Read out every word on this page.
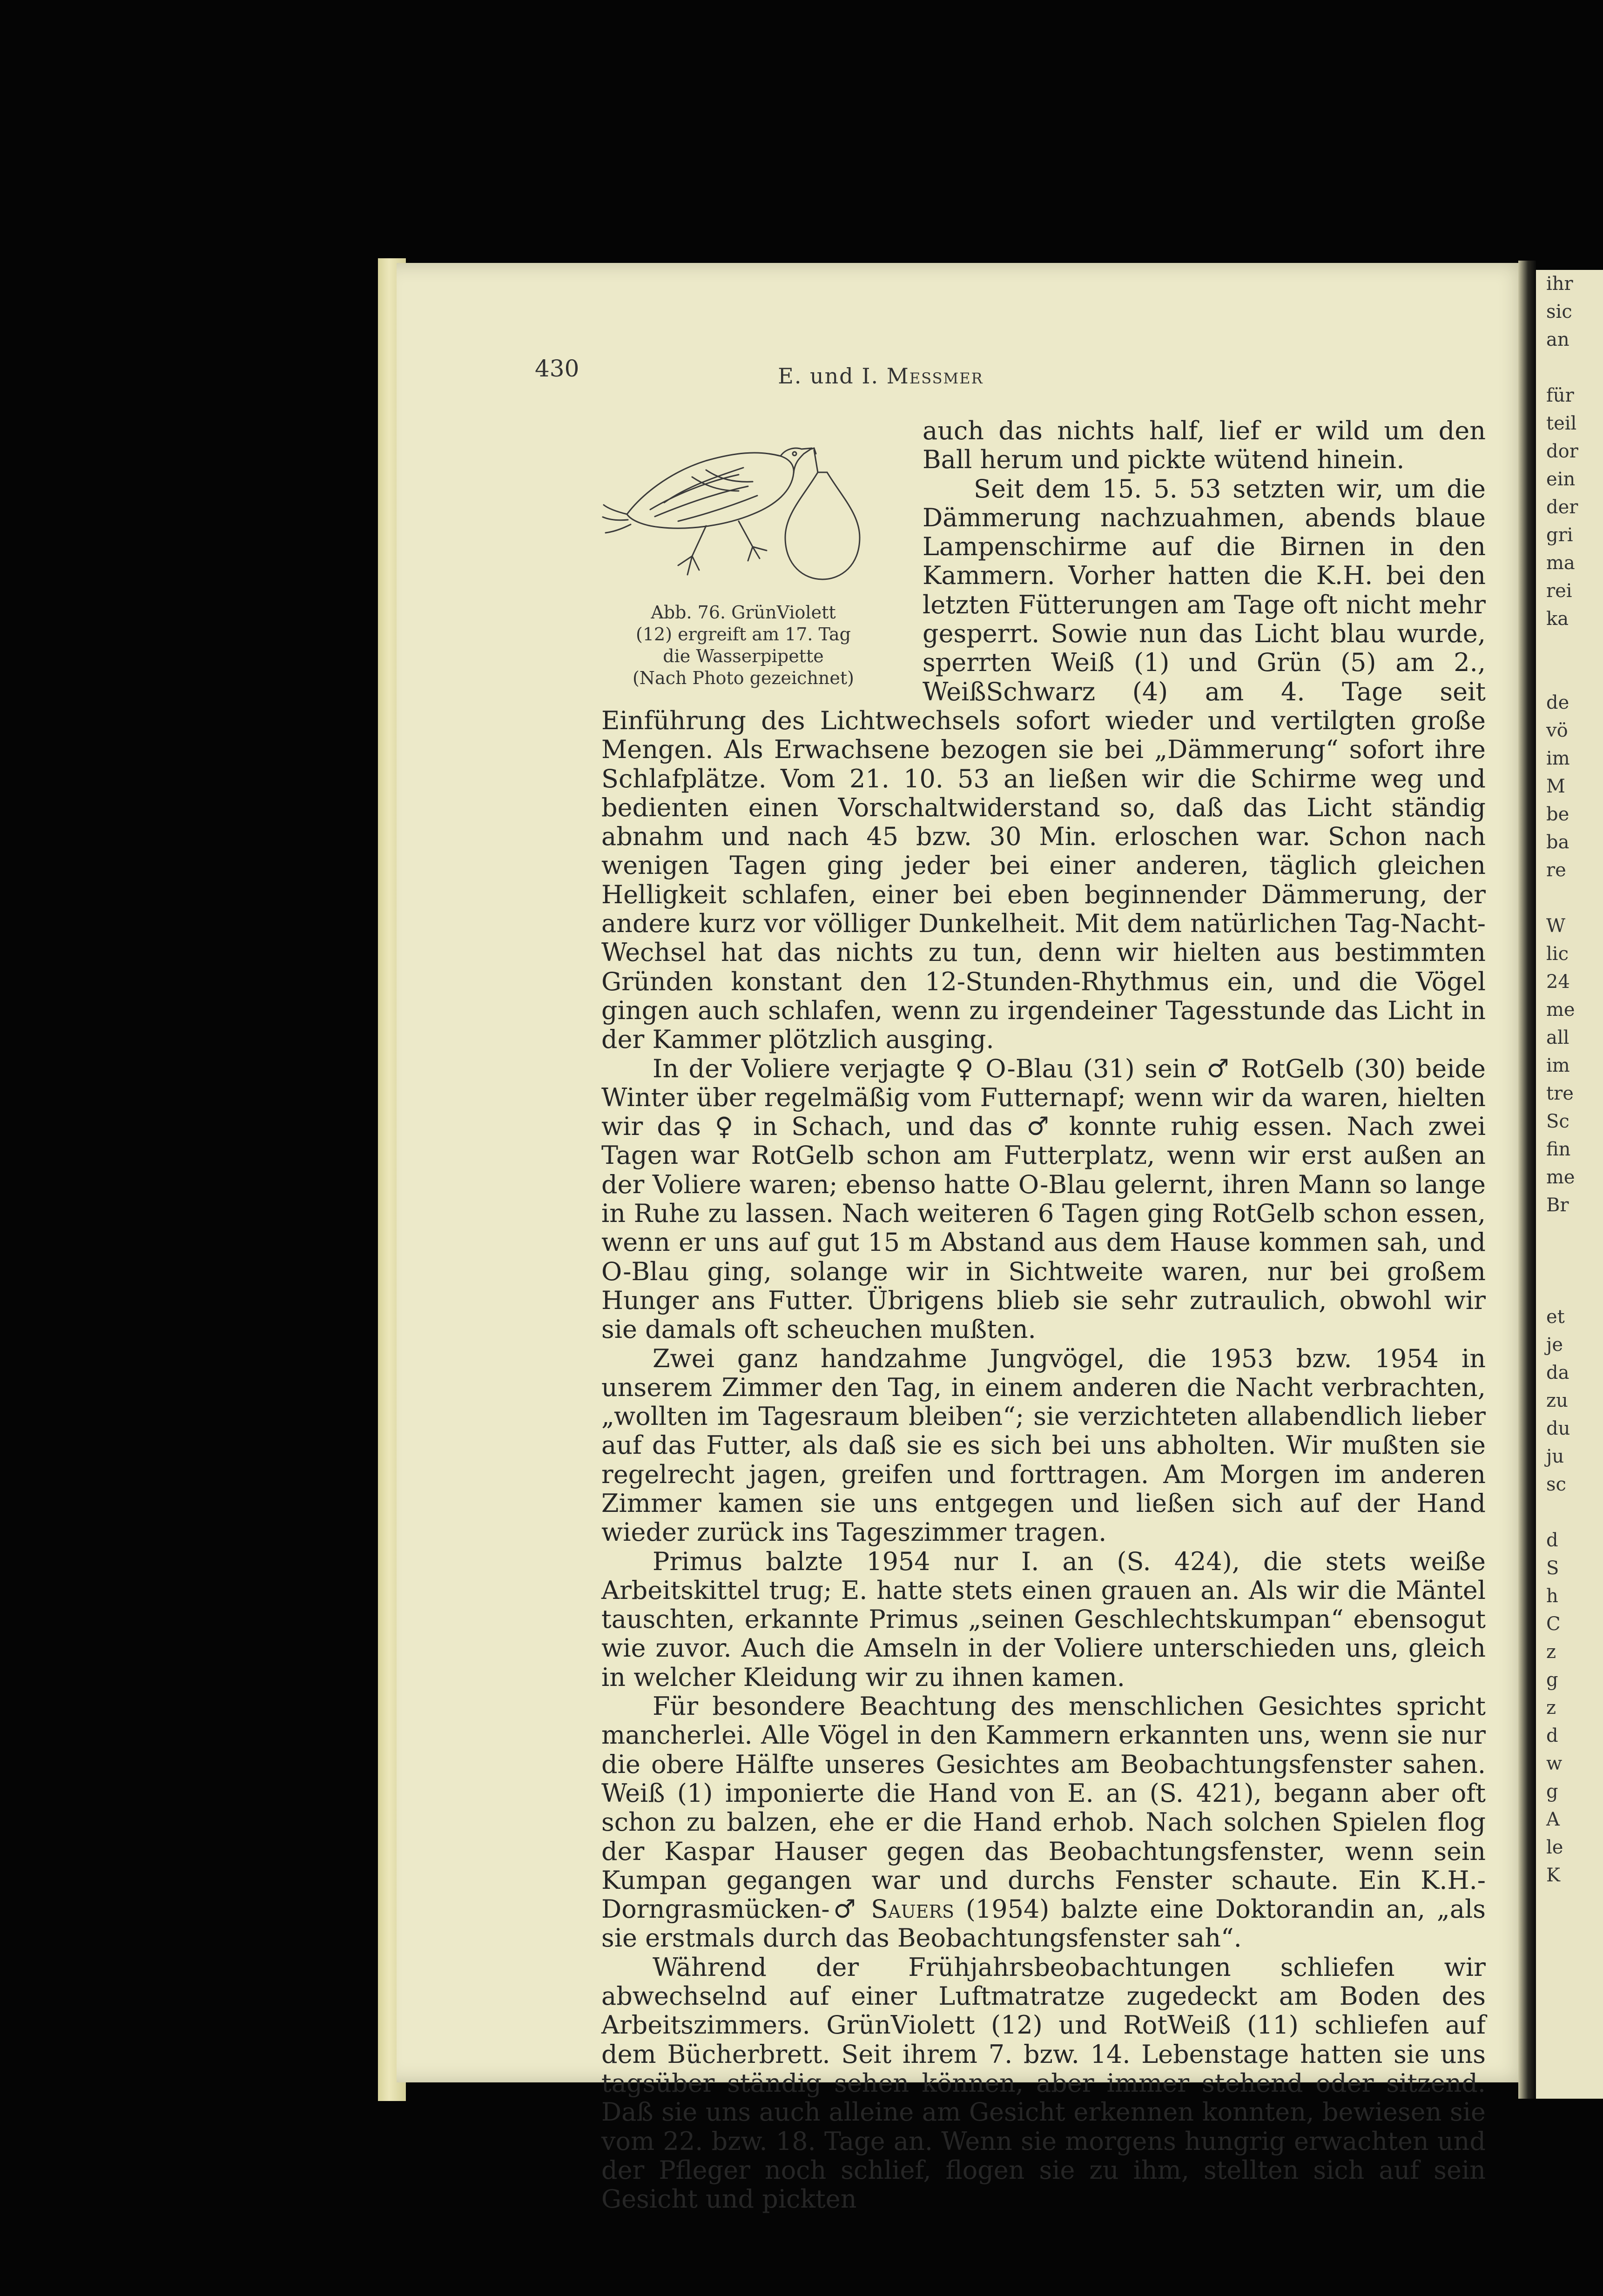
430	E. und I. Messmer
Abb. 76. GrünViolett
(12) ergreift am 17. Tag
die Wasserpipette
(Nach Photo gezeichnet)

auch das nichts half, lief er wild um den Ball herum und pickte wütend hinein.

Seit dem 15. 5. 53 setzten wir, um die Dämmerung nachzuahmen, abends blaue Lampenschirme auf die Birnen in den Kammern. Vorher hatten die K.H. bei den letzten Fütterungen am Tage oft nicht mehr gesperrt. Sowie nun das Licht blau wurde, sperrten Weiß (1) und Grün (5) am 2., WeißSchwarz (4) am 4. Tage seit Einführung des Lichtwechsels sofort wieder und vertilgten große Mengen. Als Erwachsene bezogen sie bei „Dämmerung“ sofort ihre Schlafplätze. Vom 21. 10. 53 an ließen wir die Schirme weg und bedienten einen Vorschaltwiderstand so, daß das Licht ständig abnahm und nach 45 bzw. 30 Min. erloschen war. Schon nach wenigen Tagen ging jeder bei einer anderen, täglich gleichen Helligkeit schlafen, einer bei eben beginnender Dämmerung, der andere kurz vor völliger Dunkelheit. Mit dem natürlichen Tag-Nacht-Wechsel hat das nichts zu tun, denn wir hielten aus bestimmten Gründen konstant den 12-Stunden-Rhythmus ein, und die Vögel gingen auch schlafen, wenn zu irgendeiner Tagesstunde das Licht in der Kammer plötzlich ausging.

In der Voliere verjagte ♀ O-Blau (31) sein ♂ RotGelb (30) beide Winter über regelmäßig vom Futternapf; wenn wir da waren, hielten wir das ♀ in Schach, und das ♂ konnte ruhig essen. Nach zwei Tagen war RotGelb schon am Futterplatz, wenn wir erst außen an der Voliere waren; ebenso hatte O-Blau gelernt, ihren Mann so lange in Ruhe zu lassen. Nach weiteren 6 Tagen ging RotGelb schon essen, wenn er uns auf gut 15 m Abstand aus dem Hause kommen sah, und O-Blau ging, solange wir in Sichtweite waren, nur bei großem Hunger ans Futter. Übrigens blieb sie sehr zutraulich, obwohl wir sie damals oft scheuchen mußten.

Zwei ganz handzahme Jungvögel, die 1953 bzw. 1954 in unserem Zimmer den Tag, in einem anderen die Nacht verbrachten, „wollten im Tagesraum bleiben“; sie verzichteten allabendlich lieber auf das Futter, als daß sie es sich bei uns abholten. Wir mußten sie regelrecht jagen, greifen und forttragen. Am Morgen im anderen Zimmer kamen sie uns entgegen und ließen sich auf der Hand wieder zurück ins Tageszimmer tragen.

Primus balzte 1954 nur I. an (S. 424), die stets weiße Arbeitskittel trug; E. hatte stets einen grauen an. Als wir die Mäntel tauschten, erkannte Primus „seinen Geschlechtskumpan“ ebensogut wie zuvor. Auch die Amseln in der Voliere unterschieden uns, gleich in welcher Kleidung wir zu ihnen kamen.

Für besondere Beachtung des menschlichen Gesichtes spricht mancherlei. Alle Vögel in den Kammern erkannten uns, wenn sie nur die obere Hälfte unseres Gesichtes am Beobachtungsfenster sahen. Weiß (1) imponierte die Hand von E. an (S. 421), begann aber oft schon zu balzen, ehe er die Hand erhob. Nach solchen Spielen flog der Kaspar Hauser gegen das Beobachtungsfenster, wenn sein Kumpan gegangen war und durchs Fenster schaute. Ein K.H.-Dorngrasmücken-♂ Sauers (1954) balzte eine Doktorandin an, „als sie erstmals durch das Beobachtungsfenster sah“.

Während der Frühjahrsbeobachtungen schliefen wir abwechselnd auf einer Luftmatratze zugedeckt am Boden des Arbeitszimmers. GrünViolett (12) und RotWeiß (11) schliefen auf dem Bücherbrett. Seit ihrem 7. bzw. 14. Lebenstage hatten sie uns tagsüber ständig sehen können, aber immer stehend oder sitzend. Daß sie uns auch alleine am Gesicht erkennen konnten, bewiesen sie vom 22. bzw. 18. Tage an. Wenn sie morgens hungrig erwachten und der Pfleger noch schlief, flogen sie zu ihm, stellten sich auf sein Gesicht und pickten

ihr
sic
an

für
teil
dor
ein
der
gri
ma
rei
ka

de
vö
im
M
be
ba
re

W
lic
24
me
all
im
tre
Sc
fin
me
Br

et
je
da
zu
du
ju
sc

d
S
h
C
z
g
z
d
w
g
A
le
K
